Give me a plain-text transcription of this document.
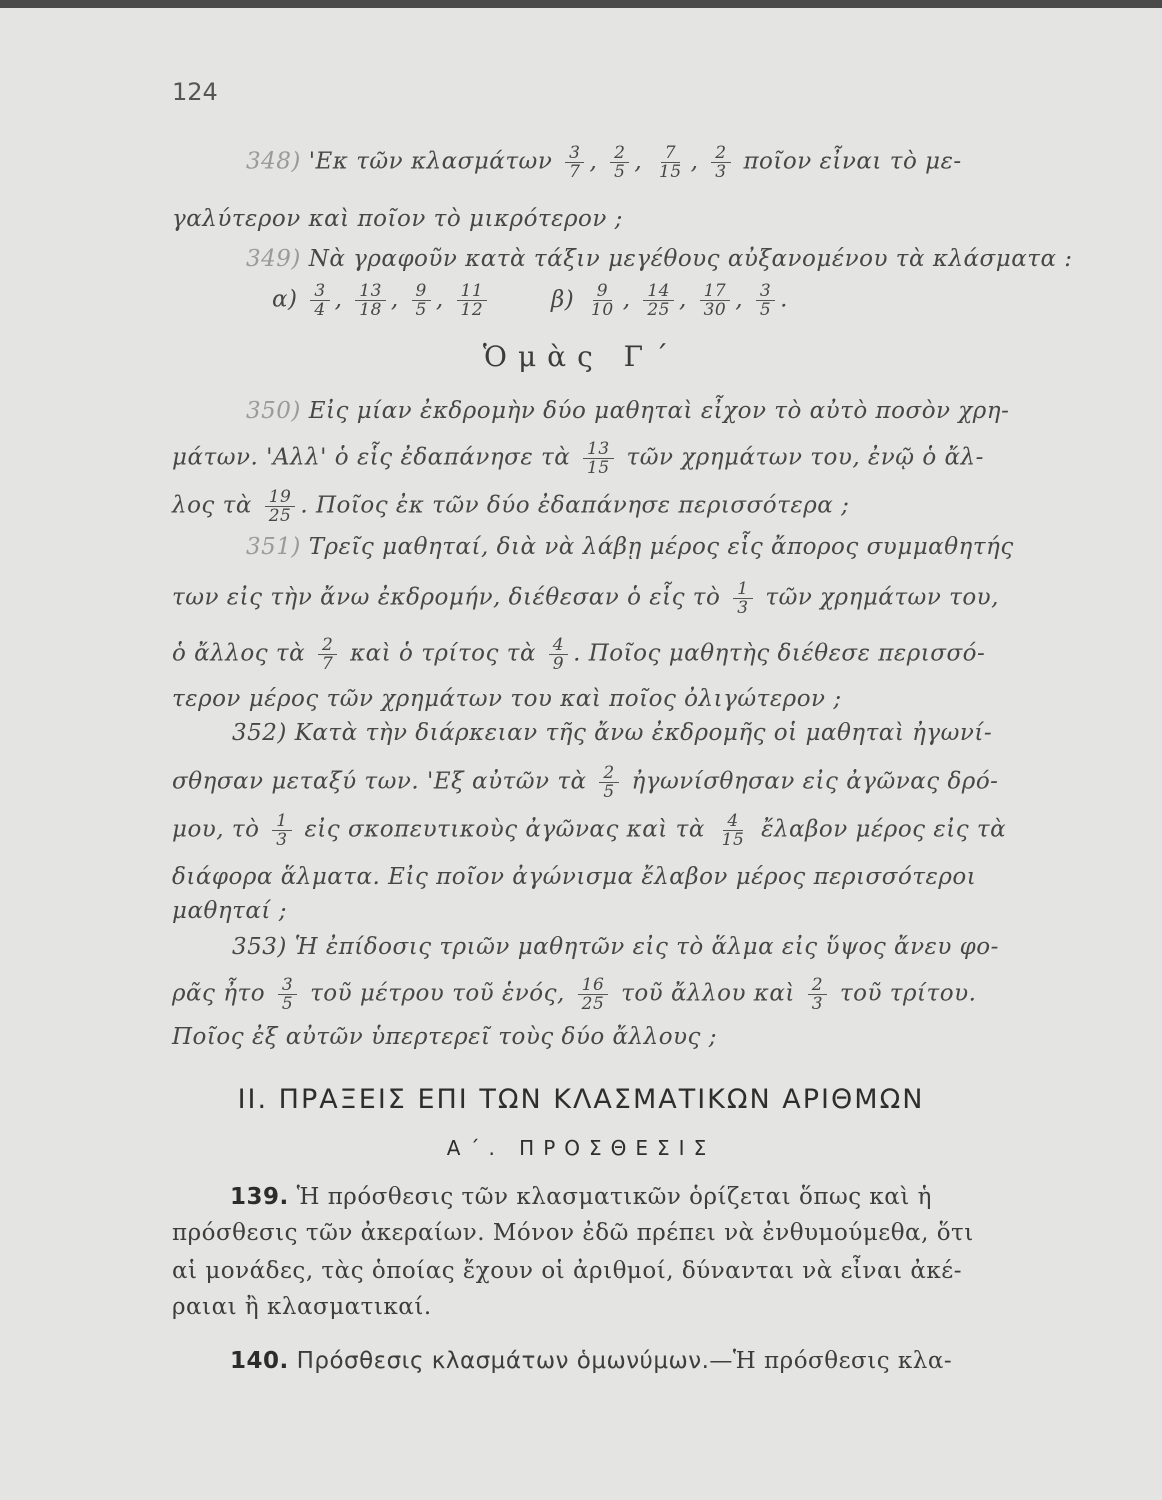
124
348) 'Εκ τῶν κλασμάτων $\frac{3}{7}$ , $\frac{2}{5}$ , $\frac{7}{15}$ , $\frac{2}{3}$ ποῖον εἶναι τὸ με-
γαλύτερον καὶ ποῖον τὸ μικρότερον ;
349) Νὰ γραφοῦν κατὰ τάξιν μεγέθους αὐξανομένου τὰ κλάσματα :
$\alpha) \frac{3}{4}$ , $\frac{13}{18}$ , $\frac{9}{5}$ , $\frac{11}{12}$	$\beta) \frac{9}{10}$ , $\frac{14}{25}$ , $\frac{17}{30}$ , $\frac{3}{5}$ .
Ὁμὰς Γ΄
350) Εἰς μίαν ἐκδρομὴν δύο μαθηταὶ εἶχον τὸ αὐτὸ ποσὸν χρη-
μάτων. 'Αλλ' ὁ εἷς ἐδαπάνησε τὰ $\frac{13}{15}$ τῶν χρημάτων του, ἐνῷ ὁ ἄλ-
λος τὰ $\frac{19}{25}$ . Ποῖος ἐκ τῶν δύο ἐδαπάνησε περισσότερα ;
351) Τρεῖς μαθηταί, διὰ νὰ λάβῃ μέρος εἷς ἄπορος συμμαθητής
των εἰς τὴν ἄνω ἐκδρομήν, διέθεσαν ὁ εἷς τὸ $\frac{1}{3}$ τῶν χρημάτων του,
ὁ ἄλλος τὰ $\frac{2}{7}$ καὶ ὁ τρίτος τὰ $\frac{4}{9}$ . Ποῖος μαθητὴς διέθεσε περισσό-
τερον μέρος τῶν χρημάτων του καὶ ποῖος ὀλιγώτερον ;
352) Κατὰ τὴν διάρκειαν τῆς ἄνω ἐκδρομῆς οἱ μαθηταὶ ἠγωνί-
σθησαν μεταξύ των. 'Εξ αὐτῶν τὰ $\frac{2}{5}$ ἠγωνίσθησαν εἰς ἀγῶνας δρό-
μου, τὸ $\frac{1}{3}$ εἰς σκοπευτικοὺς ἀγῶνας καὶ τὰ $\frac{4}{15}$ ἔλαβον μέρος εἰς τὰ
διάφορα ἅλματα. Εἰς ποῖον ἀγώνισμα ἔλαβον μέρος περισσότεροι
μαθηταί ;
353) Ἡ ἐπίδοσις τριῶν μαθητῶν εἰς τὸ ἅλμα εἰς ὕψος ἄνευ φο-
ρᾶς ἦτο $\frac{3}{5}$ τοῦ μέτρου τοῦ ἑνός, $\frac{16}{25}$ τοῦ ἄλλου καὶ $\frac{2}{3}$ τοῦ τρίτου.
Ποῖος ἐξ αὐτῶν ὑπερτερεῖ τοὺς δύο ἄλλους ;
ΙΙ. ΠΡΑΞΕΙΣ ΕΠΙ ΤΩΝ ΚΛΑΣΜΑΤΙΚΩΝ ΑΡΙΘΜΩΝ
Α΄. ΠΡΟΣΘΕΣΙΣ
139. Ἡ πρόσθεσις τῶν κλασματικῶν ὁρίζεται ὅπως καὶ ἡ
πρόσθεσις τῶν ἀκεραίων. Μόνον ἐδῶ πρέπει νὰ ἐνθυμούμεθα, ὅτι
αἱ μονάδες, τὰς ὁποίας ἔχουν οἱ ἀριθμοί, δύνανται νὰ εἶναι ἀκέ-
ραιαι ἢ κλασματικαί.
140. Πρόσθεσις κλασμάτων ὁμωνύμων.—Ἡ πρόσθεσις κλα-
